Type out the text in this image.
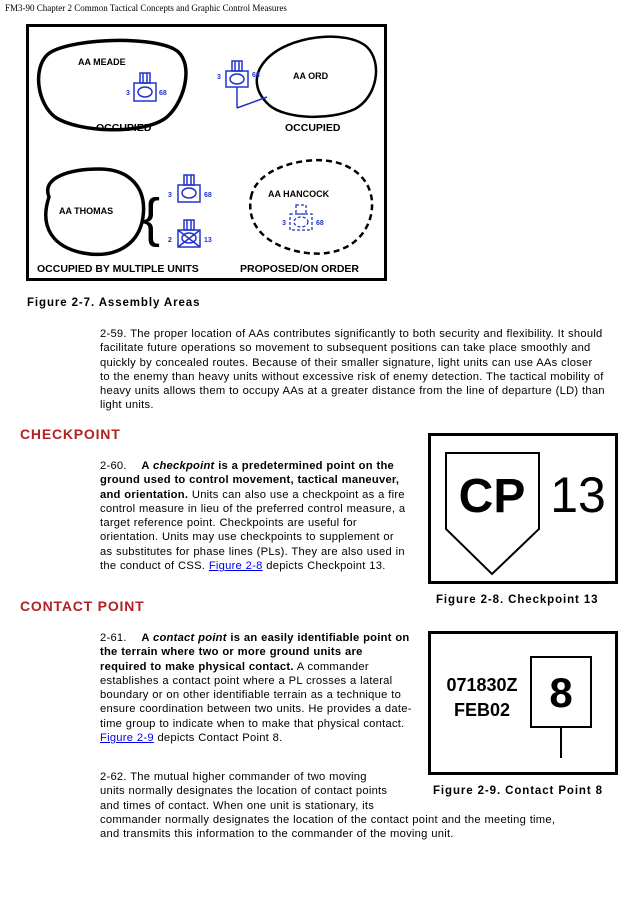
FM3-90 Chapter 2 Common Tactical Concepts and Graphic Control Measures
AA MEADE
3	68
OCCUPIED
AA ORD
3	68
OCCUPIED
AA THOMAS { 3	68
2	13
OCCUPIED BY MULTIPLE UNITS
AA HANCOCK
3	68
PROPOSED/ON ORDER
Figure 2-7. Assembly Areas
2-59. The proper location of AAs contributes significantly to both security and flexibility. It should facilitate future operations so movement to subsequent positions can take place smoothly and quickly by concealed routes. Because of their smaller signature, light units can use AAs closer to the enemy than heavy units without excessive risk of enemy detection. The tactical mobility of heavy units allows them to occupy AAs at a greater distance from the line of departure (LD) than light units.
CHECKPOINT
2-60. A checkpoint is a predetermined point on the ground used to control movement, tactical maneuver, and orientation. Units can also use a checkpoint as a fire control measure in lieu of the preferred control measure, a target reference point. Checkpoints are useful for orientation. Units may use checkpoints to supplement or as substitutes for phase lines (PLs). They are also used in the conduct of CSS. Figure 2-8 depicts Checkpoint 13.
CP 13
Figure 2-8. Checkpoint 13
CONTACT POINT
2-61. A contact point is an easily identifiable point on the terrain where two or more ground units are required to make physical contact. A commander establishes a contact point where a PL crosses a lateral boundary or on other identifiable terrain as a technique to ensure coordination between two units. He provides a date-time group to indicate when to make that physical contact. Figure 2-9 depicts Contact Point 8.
071830Z
FEB02 8
Figure 2-9. Contact Point 8
2-62. The mutual higher commander of two moving
units normally designates the location of contact points
and times of contact. When one unit is stationary, its
commander normally designates the location of the contact point and the meeting time,
and transmits this information to the commander of the moving unit.
